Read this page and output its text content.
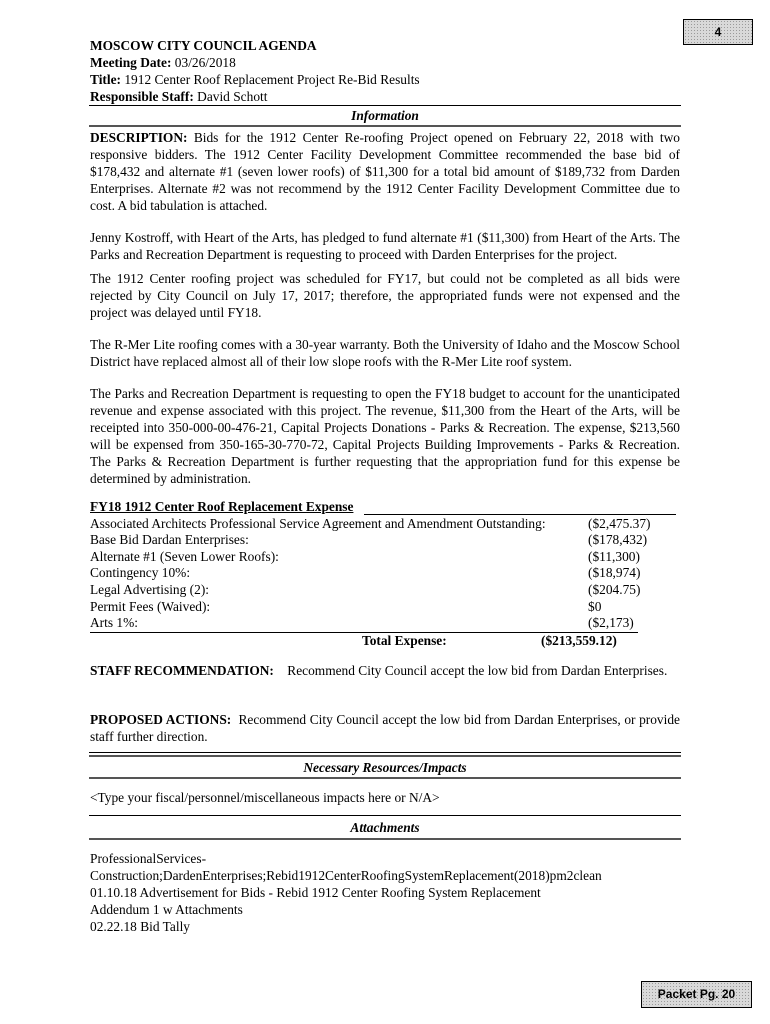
4
MOSCOW CITY COUNCIL AGENDA
Meeting Date: 03/26/2018
Title: 1912 Center Roof Replacement Project Re-Bid Results
Responsible Staff: David Schott
Information

DESCRIPTION: Bids for the 1912 Center Re-roofing Project opened on February 22, 2018 with two responsive bidders. The 1912 Center Facility Development Committee recommended the base bid of $178,432 and alternate #1 (seven lower roofs) of $11,300 for a total bid amount of $189,732 from Darden Enterprises. Alternate #2 was not recommend by the 1912 Center Facility Development Committee due to cost. A bid tabulation is attached.

Jenny Kostroff, with Heart of the Arts, has pledged to fund alternate #1 ($11,300) from Heart of the Arts. The Parks and Recreation Department is requesting to proceed with Darden Enterprises for the project.

The 1912 Center roofing project was scheduled for FY17, but could not be completed as all bids were rejected by City Council on July 17, 2017; therefore, the appropriated funds were not expensed and the project was delayed until FY18.

The R-Mer Lite roofing comes with a 30-year warranty. Both the University of Idaho and the Moscow School District have replaced almost all of their low slope roofs with the R-Mer Lite roof system.

The Parks and Recreation Department is requesting to open the FY18 budget to account for the unanticipated revenue and expense associated with this project. The revenue, $11,300 from the Heart of the Arts, will be receipted into 350-000-00-476-21, Capital Projects Donations - Parks & Recreation. The expense, $213,560 will be expensed from 350-165-30-770-72, Capital Projects Building Improvements - Parks & Recreation. The Parks & Recreation Department is further requesting that the appropriation fund for this expense be determined by administration.

FY18 1912 Center Roof Replacement Expense
Associated Architects Professional Service Agreement and Amendment Outstanding:	($2,475.37)
Base Bid Dardan Enterprises:	($178,432)
Alternate #1 (Seven Lower Roofs):	($11,300)
Contingency 10%:	($18,974)
Legal Advertising (2):	($204.75)
Permit Fees (Waived):	$0
Arts 1%:	($2,173)
Total Expense:	($213,559.12)

STAFF RECOMMENDATION: Recommend City Council accept the low bid from Dardan Enterprises.

PROPOSED ACTIONS: Recommend City Council accept the low bid from Dardan Enterprises, or provide staff further direction.

Necessary Resources/Impacts

<Type your fiscal/personnel/miscellaneous impacts here or N/A>

Attachments
ProfessionalServices-
Construction;DardenEnterprises;Rebid1912CenterRoofingSystemReplacement(2018)pm2clean
01.10.18 Advertisement for Bids - Rebid 1912 Center Roofing System Replacement
Addendum 1 w Attachments
02.22.18 Bid Tally
Packet Pg. 20
